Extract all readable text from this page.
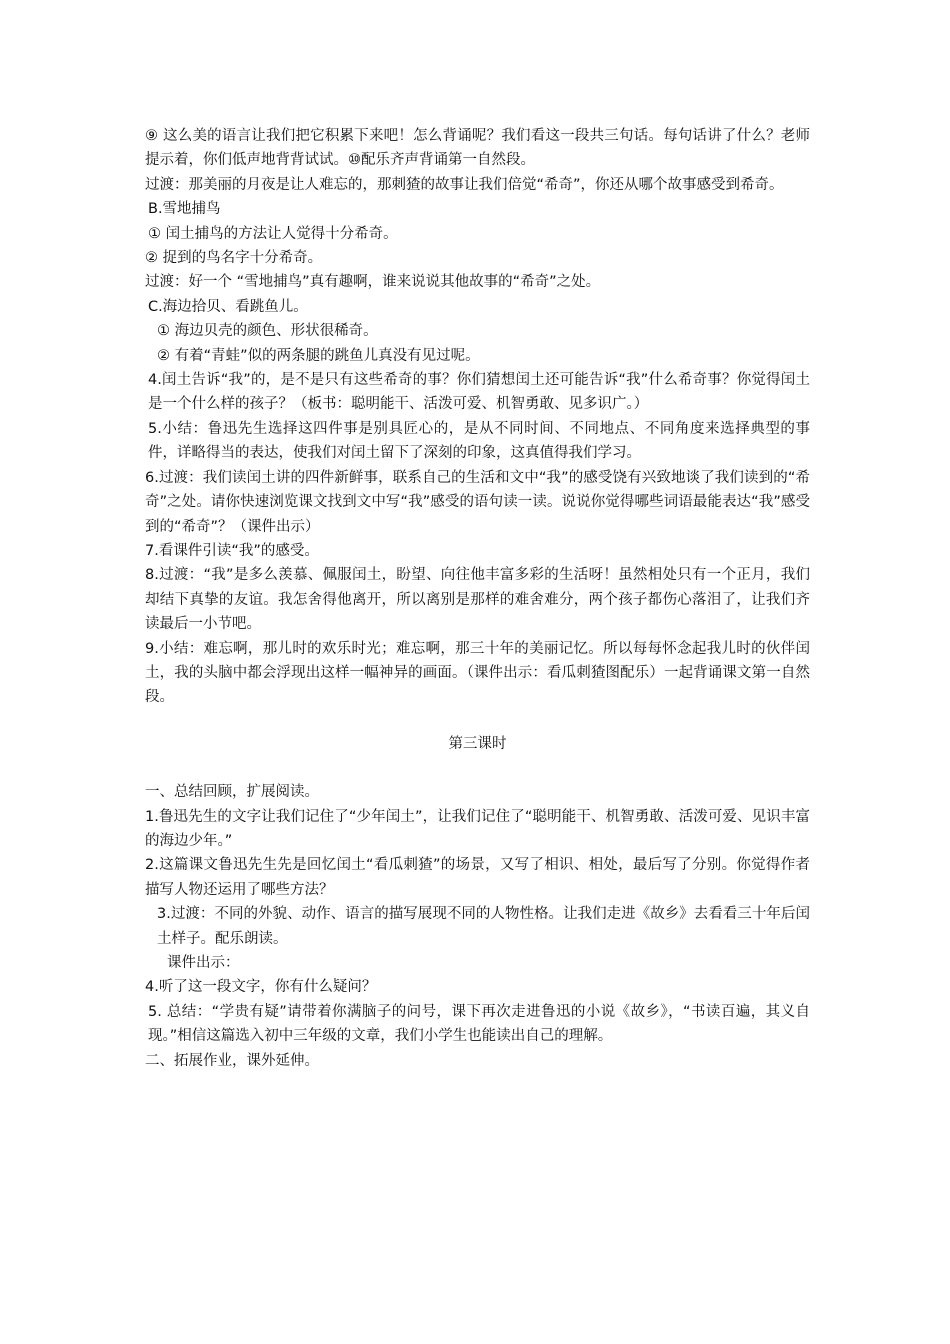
⑨ 这么美的语言让我们把它积累下来吧！怎么背诵呢？我们看这一段共三句话。每句话讲了什么？老师提示着，你们低声地背背试试。⑩配乐齐声背诵第一自然段。

过渡：那美丽的月夜是让人难忘的，那刺猹的故事让我们倍觉“希奇”，你还从哪个故事感受到希奇。

B.雪地捕鸟

① 闰土捕鸟的方法让人觉得十分希奇。

② 捉到的鸟名字十分希奇。

过渡：好一个 “雪地捕鸟”真有趣啊，谁来说说其他故事的“希奇”之处。

C.海边拾贝、看跳鱼儿。

① 海边贝壳的颜色、形状很稀奇。

② 有着“青蛙”似的两条腿的跳鱼儿真没有见过呢。

4.闰土告诉“我”的，是不是只有这些希奇的事？你们猜想闰土还可能告诉“我”什么希奇事？你觉得闰土是一个什么样的孩子？（板书：聪明能干、活泼可爱、机智勇敢、见多识广。）

5.小结：鲁迅先生选择这四件事是别具匠心的，是从不同时间、不同地点、不同角度来选择典型的事件，详略得当的表达，使我们对闰土留下了深刻的印象，这真值得我们学习。

6.过渡：我们读闰土讲的四件新鲜事，联系自己的生活和文中“我”的感受饶有兴致地谈了我们读到的“希奇”之处。请你快速浏览课文找到文中写“我”感受的语句读一读。说说你觉得哪些词语最能表达“我”感受到的“希奇”？（课件出示）

7.看课件引读“我”的感受。

8.过渡：“我”是多么羡慕、佩服闰土，盼望、向往他丰富多彩的生活呀！虽然相处只有一个正月，我们却结下真挚的友谊。我怎舍得他离开，所以离别是那样的难舍难分，两个孩子都伤心落泪了，让我们齐读最后一小节吧。

9.小结：难忘啊，那儿时的欢乐时光；难忘啊，那三十年的美丽记忆。所以每每怀念起我儿时的伙伴闰土，我的头脑中都会浮现出这样一幅神异的画面。（课件出示：看瓜刺猹图配乐）一起背诵课文第一自然段。

第三课时

一、总结回顾，扩展阅读。

1.鲁迅先生的文字让我们记住了“少年闰土”，让我们记住了“聪明能干、机智勇敢、活泼可爱、见识丰富的海边少年。”

2.这篇课文鲁迅先生先是回忆闰土“看瓜刺猹”的场景，又写了相识、相处，最后写了分别。你觉得作者描写人物还运用了哪些方法？

3.过渡：不同的外貌、动作、语言的描写展现不同的人物性格。让我们走进《故乡》去看看三十年后闰土样子。配乐朗读。

课件出示：

4.听了这一段文字，你有什么疑问？

5. 总结：“学贵有疑”请带着你满脑子的问号，课下再次走进鲁迅的小说《故乡》，“书读百遍，其义自现。”相信这篇选入初中三年级的文章，我们小学生也能读出自己的理解。

二、拓展作业，课外延伸。
